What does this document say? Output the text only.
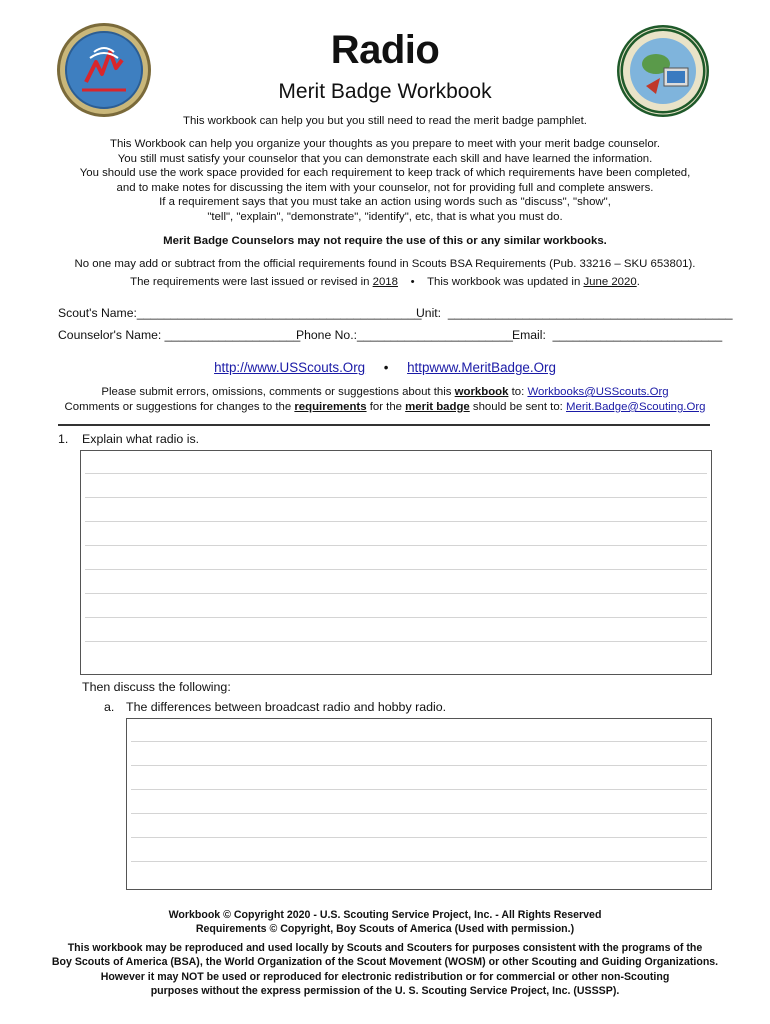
Radio
Merit Badge Workbook
This workbook can help you but you still need to read the merit badge pamphlet.
This Workbook can help you organize your thoughts as you prepare to meet with your merit badge counselor.
You still must satisfy your counselor that you can demonstrate each skill and have learned the information.
You should use the work space provided for each requirement to keep track of which requirements have been completed,
and to make notes for discussing the item with your counselor, not for providing full and complete answers.
If a requirement says that you must take an action using words such as "discuss", "show",
"tell", "explain", "demonstrate", "identify", etc, that is what you must do.
Merit Badge Counselors may not require the use of this or any similar workbooks.
No one may add or subtract from the official requirements found in Scouts BSA Requirements (Pub. 33216 – SKU 653801).
The requirements were last issued or revised in 2018 • This workbook was updated in June 2020.
Scout's Name:__________________________________________
Unit: __________________________________________
Counselor's Name: ____________________
Phone No.:_______________________ Email: _________________________
http://www.USScouts.Org • httpwww.MeritBadge.Org
Please submit errors, omissions, comments or suggestions about this workbook to: Workbooks@USScouts.Org
Comments or suggestions for changes to the requirements for the merit badge should be sent to: Merit.Badge@Scouting.Org
1. Explain what radio is.
Then discuss the following:
a. The differences between broadcast radio and hobby radio.
Workbook © Copyright 2020 - U.S. Scouting Service Project, Inc. - All Rights Reserved
Requirements © Copyright, Boy Scouts of America (Used with permission.)
This workbook may be reproduced and used locally by Scouts and Scouters for purposes consistent with the programs of the
Boy Scouts of America (BSA), the World Organization of the Scout Movement (WOSM) or other Scouting and Guiding Organizations.
However it may NOT be used or reproduced for electronic redistribution or for commercial or other non-Scouting
purposes without the express permission of the U. S. Scouting Service Project, Inc. (USSSP).
